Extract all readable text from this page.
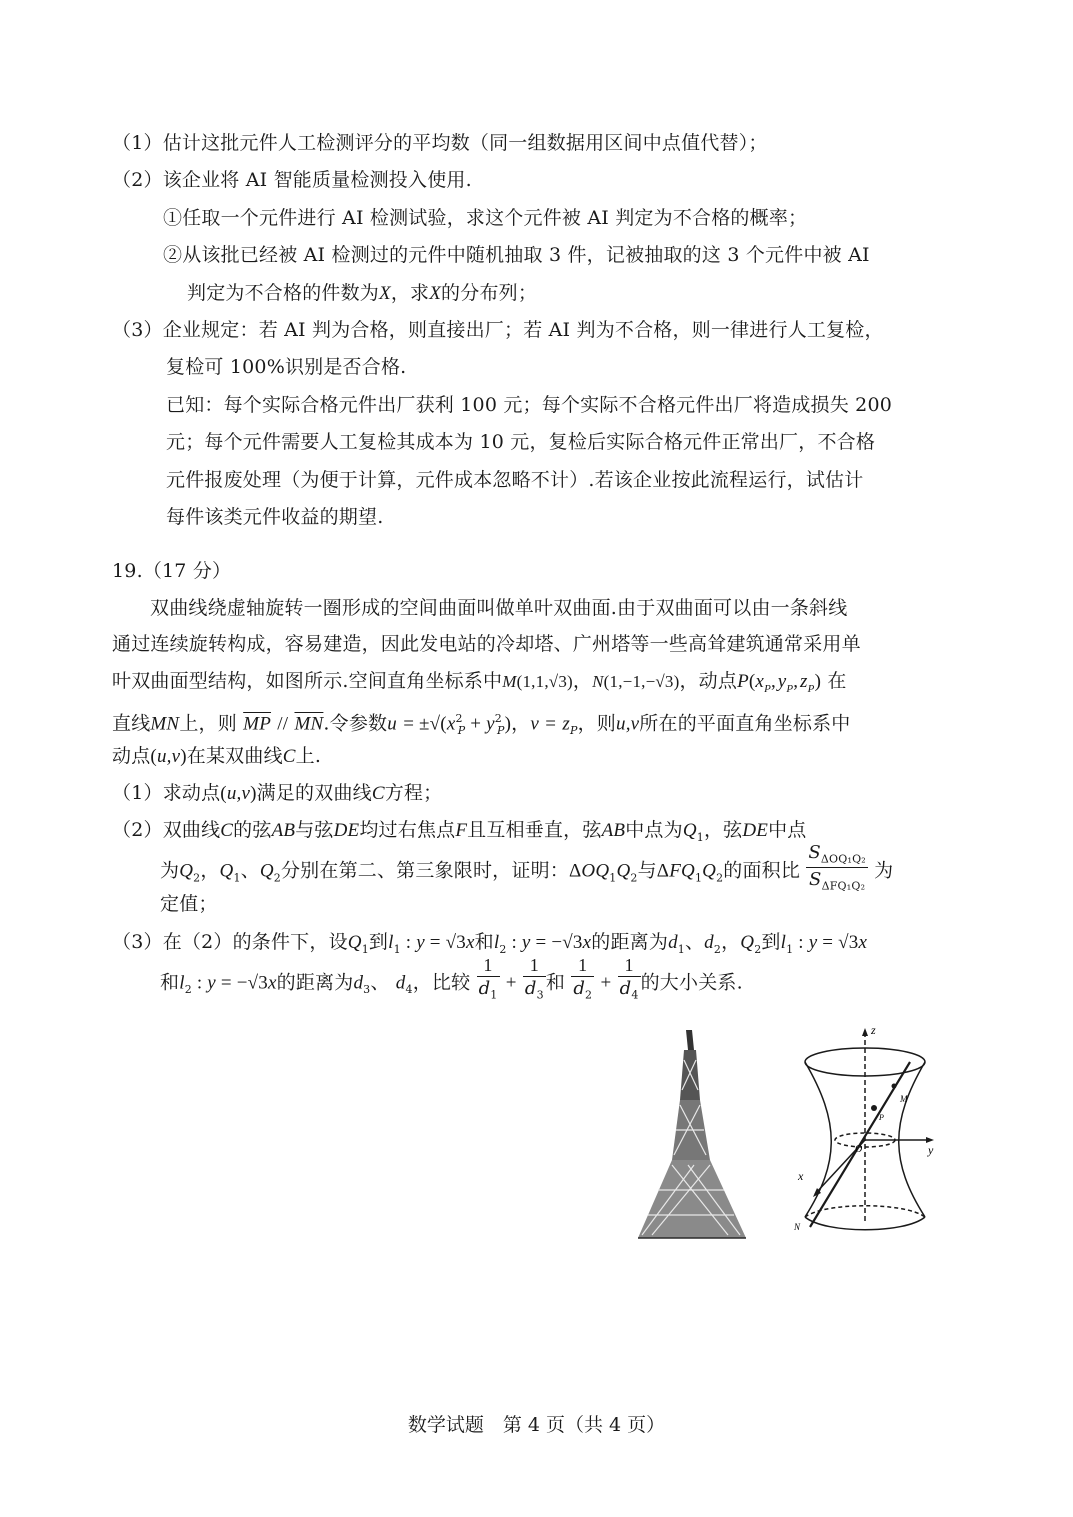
（1）估计这批元件人工检测评分的平均数（同一组数据用区间中点值代替）；
（2）该企业将 AI 智能质量检测投入使用.
①任取一个元件进行 AI 检测试验，求这个元件被 AI 判定为不合格的概率；
②从该批已经被 AI 检测过的元件中随机抽取 3 件，记被抽取的这 3 个元件中被 AI
判定为不合格的件数为X，求X的分布列；
（3）企业规定：若 AI 判为合格，则直接出厂；若 AI 判为不合格，则一律进行人工复检，
复检可 100%识别是否合格.
已知：每个实际合格元件出厂获利 100 元；每个实际不合格元件出厂将造成损失 200
元；每个元件需要人工复检其成本为 10 元，复检后实际合格元件正常出厂，不合格
元件报废处理（为便于计算，元件成本忽略不计）.若该企业按此流程运行，试估计
每件该类元件收益的期望.
19.（17 分）
双曲线绕虚轴旋转一圈形成的空间曲面叫做单叶双曲面.由于双曲面可以由一条斜线
通过连续旋转构成，容易建造，因此发电站的冷却塔、广州塔等一些高耸建筑通常采用单
叶双曲面型结构，如图所示.空间直角坐标系中M(1,1,√3)，N(1,−1,−√3)，动点$P(x_P$, $y_P$, $z_P$) 在
直线MN上，则 $\overline{MP} // \overline{MN}$.令参数$u = \pm√(x^2_P + y^2_P)$，$v = z_P$，则u,v所在的平面直角坐标系中
动点(u,v)在某双曲线C上.
（1）求动点(u,v)满足的双曲线C方程；
（2）双曲线C的弦AB与弦DE均过右焦点F且互相垂直，弦AB中点为$Q_1$，弦DE中点
为$Q_2$，$Q_1$、$Q_2$分别在第二、第三象限时，证明：$\Delta OQ_1Q_2$与$\Delta FQ_1Q_2$的面积比 $\frac{S_{\Delta OQ_1Q_2}}{S_{\Delta FQ_1Q_2}}$ 为
定值；
（3）在（2）的条件下，设$Q_1$到$l_1$ : y = √3x和$l_2$ : y = −√3x的距离为$d_1$、$d_2$，$Q_2$到$l_1$ : y = √3x
和$l_2$ : y = −√3x的距离为$d_3$、 $d_4$，比较 $\frac{1}{d_1} + \frac{1}{d_3}$ 和 $\frac{1}{d_2} + \frac{1}{d_4}$ 的大小关系.
z
y
x
M
N
P
O
数学试题　第 4 页（共 4 页）
